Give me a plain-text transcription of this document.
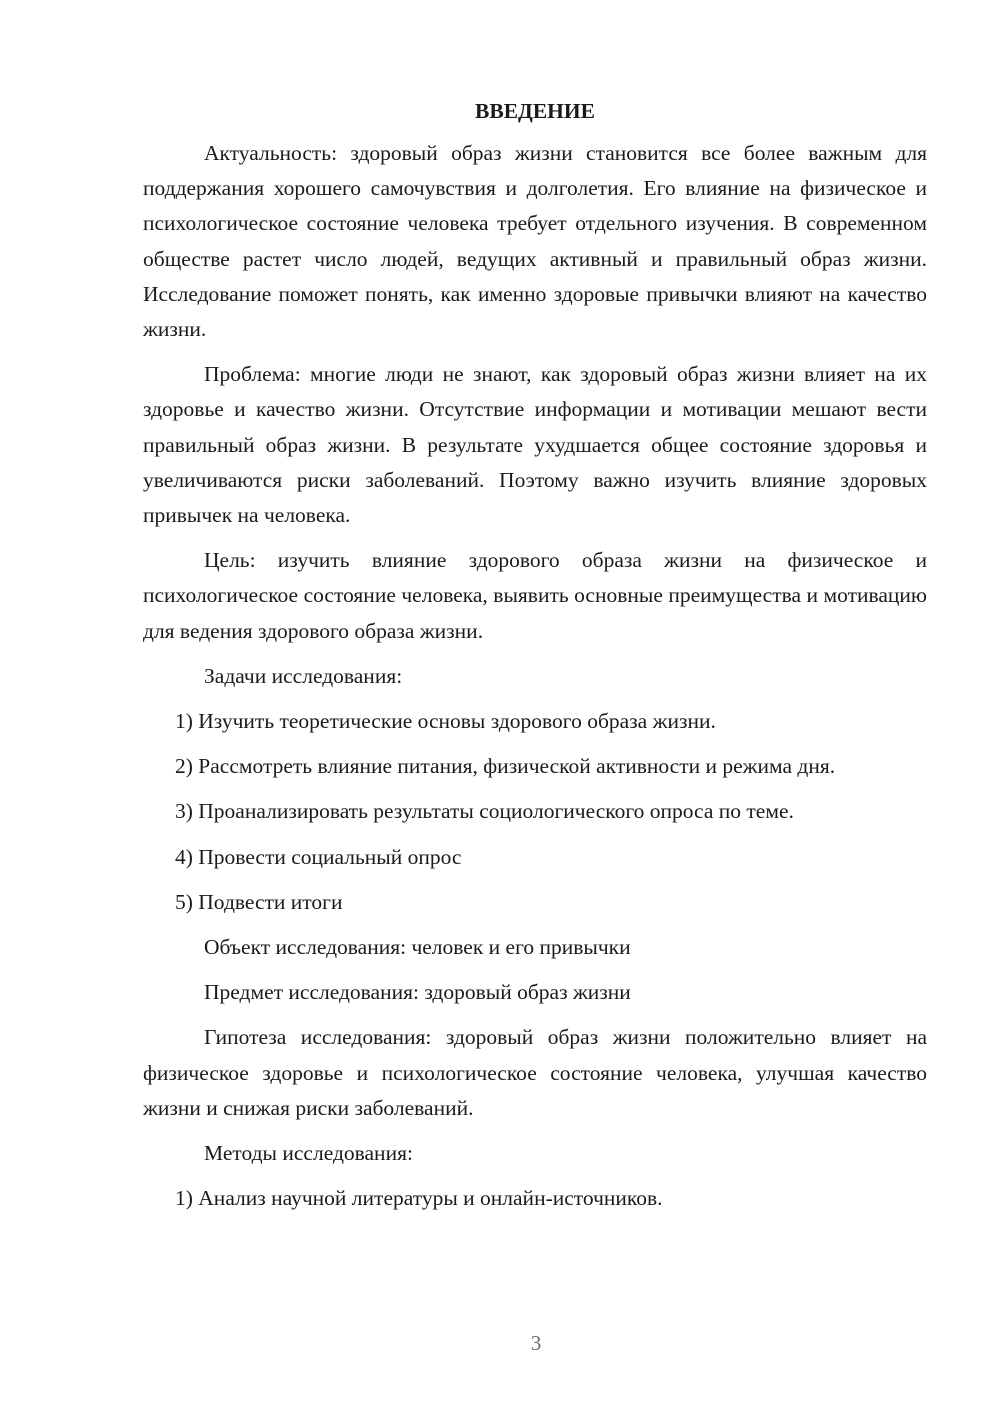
ВВЕДЕНИЕ

Актуальность: здоровый образ жизни становится все более важным для поддержания хорошего самочувствия и долголетия. Его влияние на физическое и психологическое состояние человека требует отдельного изучения. В современном обществе растет число людей, ведущих активный и правильный образ жизни. Исследование поможет понять, как именно здоровые привычки влияют на качество жизни.

Проблема: многие люди не знают, как здоровый образ жизни влияет на их здоровье и качество жизни. Отсутствие информации и мотивации мешают вести правильный образ жизни. В результате ухудшается общее состояние здоровья и увеличиваются риски заболеваний. Поэтому важно изучить влияние здоровых привычек на человека.

Цель: изучить влияние здорового образа жизни на физическое и психологическое состояние человека, выявить основные преимущества и мотивацию для ведения здорового образа жизни.

Задачи исследования:

1) Изучить теоретические основы здорового образа жизни.

2) Рассмотреть влияние питания, физической активности и режима дня.

3) Проанализировать результаты социологического опроса по теме.

4) Провести социальный опрос

5) Подвести итоги

Объект исследования: человек и его привычки

Предмет исследования: здоровый образ жизни

Гипотеза исследования: здоровый образ жизни положительно влияет на физическое здоровье и психологическое состояние человека, улучшая качество жизни и снижая риски заболеваний.

Методы исследования:

1) Анализ научной литературы и онлайн-источников.

3
